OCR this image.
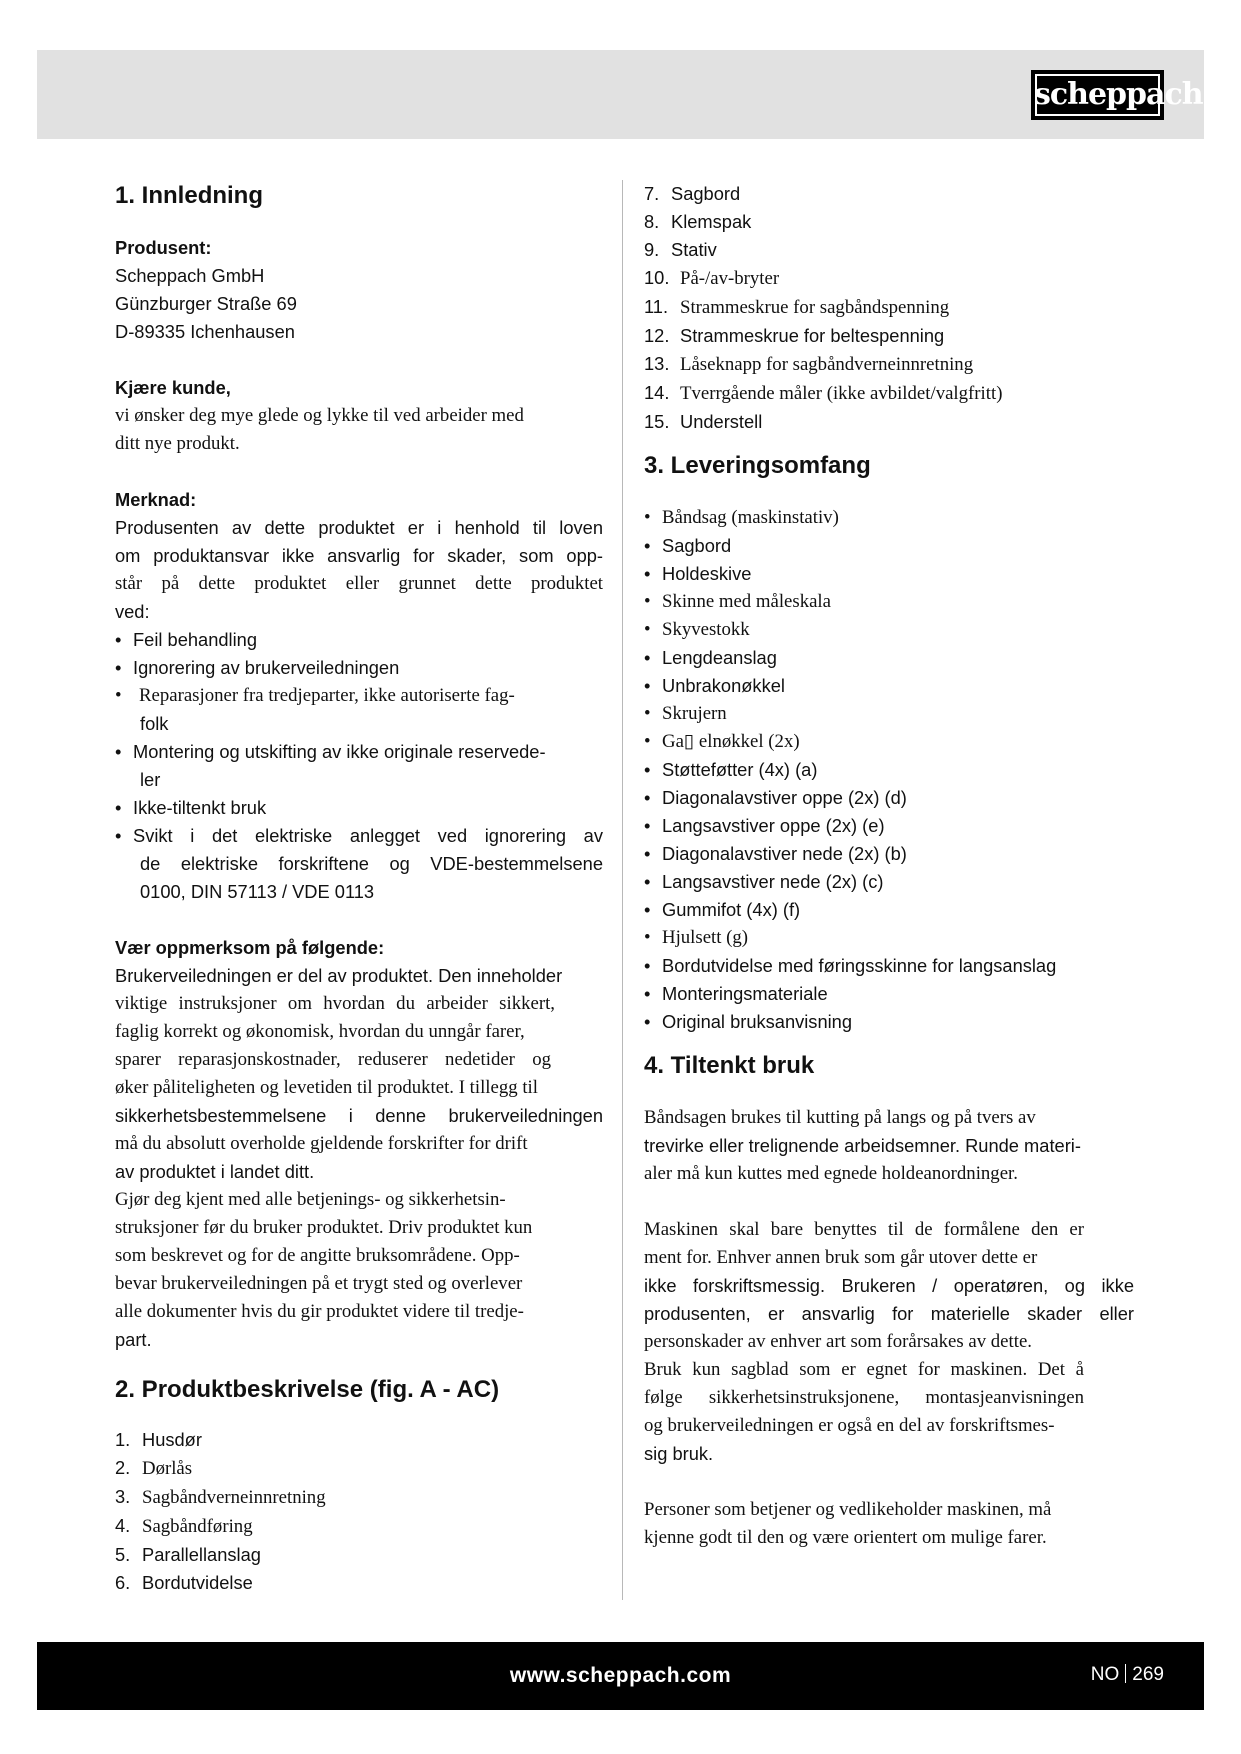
scheppach
1. Innledning
Produsent:
Scheppach GmbH
Günzburger Straße 69
D-89335 Ichenhausen
Kjære kunde,
vi ønsker deg mye glede og lykke til ved arbeider med
ditt nye produkt.
Merknad:
Produsenten av dette produktet er i henhold til loven
om produktansvar ikke ansvarlig for skader, som opp-
står på dette produktet eller grunnet dette produktet
ved:
• Feil behandling
• Ignorering av brukerveiledningen
• Reparasjoner fra tredjeparter, ikke autoriserte fag-
folk
• Montering og utskifting av ikke originale reservede-
ler
• Ikke-tiltenkt bruk
• Svikt i det elektriske anlegget ved ignorering av
de elektriske forskriftene og VDE-bestemmelsene
0100, DIN 57113 / VDE 0113
Vær oppmerksom på følgende:
Brukerveiledningen er del av produktet. Den inneholder
viktige instruksjoner om hvordan du arbeider sikkert,
faglig korrekt og økonomisk, hvordan du unngår farer,
sparer reparasjonskostnader, reduserer nedetider og
øker påliteligheten og levetiden til produktet. I tillegg til
sikkerhetsbestemmelsene i denne brukerveiledningen
må du absolutt overholde gjeldende forskrifter for drift
av produktet i landet ditt.
Gjør deg kjent med alle betjenings- og sikkerhetsin-
struksjoner før du bruker produktet. Driv produktet kun
som beskrevet og for de angitte bruksområdene. Opp-
bevar brukerveiledningen på et trygt sted og overlever
alle dokumenter hvis du gir produktet videre til tredje-
part.
2. Produktbeskrivelse (fig. A - AC)
1. Husdør
2. Dørlås
3. Sagbåndverneinnretning
4. Sagbåndføring
5. Parallellanslag
6. Bordutvidelse
7. Sagbord
8. Klemspak
9. Stativ
10. På-/av-bryter
11. Strammeskrue for sagbåndspenning
12. Strammeskrue for beltespenning
13. Låseknapp for sagbåndverneinnretning
14. Tverrgående måler (ikke avbildet/valgfritt)
15. Understell
3. Leveringsomfang
• Båndsag (maskinstativ)
• Sagbord
• Holdeskive
• Skinne med måleskala
• Skyvestokk
• Lengdeanslag
• Unbrakonøkkel
• Skrujern
• Ga▯ elnøkkel (2x)
• Støtteføtter (4x) (a)
• Diagonalavstiver oppe (2x) (d)
• Langsavstiver oppe (2x) (e)
• Diagonalavstiver nede (2x) (b)
• Langsavstiver nede (2x) (c)
• Gummifot (4x) (f)
• Hjulsett (g)
• Bordutvidelse med føringsskinne for langsanslag
• Monteringsmateriale
• Original bruksanvisning
4. Tiltenkt bruk
Båndsagen brukes til kutting på langs og på tvers av
trevirke eller trelignende arbeidsemner. Runde materi-
aler må kun kuttes med egnede holdeanordninger.
Maskinen skal bare benyttes til de formålene den er
ment for. Enhver annen bruk som går utover dette er
ikke forskriftsmessig. Brukeren / operatøren, og ikke
produsenten, er ansvarlig for materielle skader eller
personskader av enhver art som forårsakes av dette.
Bruk kun sagblad som er egnet for maskinen. Det å
følge sikkerhetsinstruksjonene, montasjeanvisningen
og brukerveiledningen er også en del av forskriftsmes-
sig bruk.
Personer som betjener og vedlikeholder maskinen, må
kjenne godt til den og være orientert om mulige farer.
www.scheppach.com	NO 269
